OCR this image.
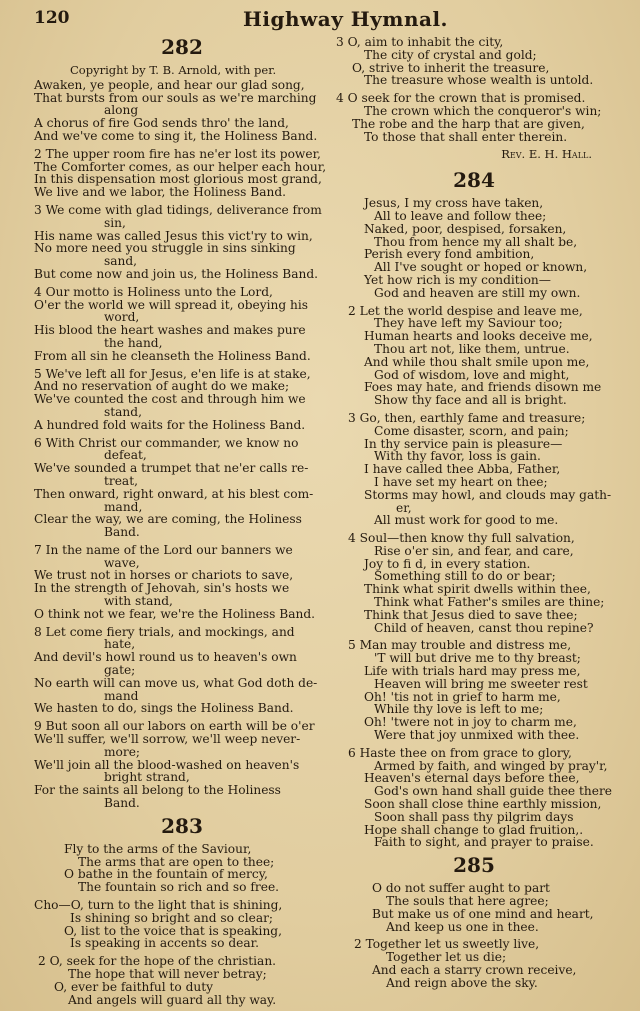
120	Highway Hymnal.
282
Copyright by T. B. Arnold, with per.
Awaken, ye people, and hear our glad song,
That bursts from our souls as we're marching
along
A chorus of fire God sends thro' the land,
And we've come to sing it, the Holiness Band.
2 The upper room fire has ne'er lost its power,
The Comforter comes, as our helper each hour,
In this dispensation most glorious most grand,
We live and we labor, the Holiness Band.
3 We come with glad tidings, deliverance from
sin,
His name was called Jesus this vict'ry to win,
No more need you struggle in sins sinking
sand,
But come now and join us, the Holiness Band.
4 Our motto is Holiness unto the Lord,
O'er the world we will spread it, obeying his
word,
His blood the heart washes and makes pure
the hand,
From all sin he cleanseth the Holiness Band.
5 We've left all for Jesus, e'en life is at stake,
And no reservation of aught do we make;
We've counted the cost and through him we
stand,
A hundred fold waits for the Holiness Band.
6 With Christ our commander, we know no
defeat,
We've sounded a trumpet that ne'er calls re-
treat,
Then onward, right onward, at his blest com-
mand,
Clear the way, we are coming, the Holiness
Band.
7 In the name of the Lord our banners we
wave,
We trust not in horses or chariots to save,
In the strength of Jehovah, sin's hosts we
with stand,
O think not we fear, we're the Holiness Band.
8 Let come fiery trials, and mockings, and
hate,
And devil's howl round us to heaven's own
gate;
No earth will can move us, what God doth de-
mand
We hasten to do, sings the Holiness Band.
9 But soon all our labors on earth will be o'er
We'll suffer, we'll sorrow, we'll weep never-
more;
We'll join all the blood-washed on heaven's
bright strand,
For the saints all belong to the Holiness
Band.
283
Fly to the arms of the Saviour,
The arms that are open to thee;
O bathe in the fountain of mercy,
The fountain so rich and so free.
Cho—O, turn to the light that is shining,
Is shining so bright and so clear;
O, list to the voice that is speaking,
Is speaking in accents so dear.
2 O, seek for the hope of the christian.
The hope that will never betray;
O, ever be faithful to duty
And angels will guard all thy way.
3 O, aim to inhabit the city,
The city of crystal and gold;
O, strive to inherit the treasure,
The treasure whose wealth is untold.
4 O seek for the crown that is promised.
The crown which the conqueror's win;
The robe and the harp that are given,
To those that shall enter therein.
Rev. E. H. Hall.
284
Jesus, I my cross have taken,
All to leave and follow thee;
Naked, poor, despised, forsaken,
Thou from hence my all shalt be,
Perish every fond ambition,
All I've sought or hoped or known,
Yet how rich is my condition—
God and heaven are still my own.
2 Let the world despise and leave me,
They have left my Saviour too;
Human hearts and looks deceive me,
Thou art not, like them, untrue.
And while thou shalt smile upon me,
God of wisdom, love and might,
Foes may hate, and friends disown me
Show thy face and all is bright.
3 Go, then, earthly fame and treasure;
Come disaster, scorn, and pain;
In thy service pain is pleasure—
With thy favor, loss is gain.
I have called thee Abba, Father,
I have set my heart on thee;
Storms may howl, and clouds may gath-
er,
All must work for good to me.
4 Soul—then know thy full salvation,
Rise o'er sin, and fear, and care,
Joy to fi d, in every station.
Something still to do or bear;
Think what spirit dwells within thee,
Think what Father's smiles are thine;
Think that Jesus died to save thee;
Child of heaven, canst thou repine?
5 Man may trouble and distress me,
'T will but drive me to thy breast;
Life with trials hard may press me,
Heaven will bring me sweeter rest
Oh! 'tis not in grief to harm me,
While thy love is left to me;
Oh! 'twere not in joy to charm me,
Were that joy unmixed with thee.
6 Haste thee on from grace to glory,
Armed by faith, and winged by pray'r,
Heaven's eternal days before thee,
God's own hand shall guide thee there
Soon shall close thine earthly mission,
Soon shall pass thy pilgrim days
Hope shall change to glad fruition,.
Faith to sight, and prayer to praise.
285
O do not suffer aught to part
The souls that here agree;
But make us of one mind and heart,
And keep us one in thee.
2 Together let us sweetly live,
Together let us die;
And each a starry crown receive,
And reign above the sky.
